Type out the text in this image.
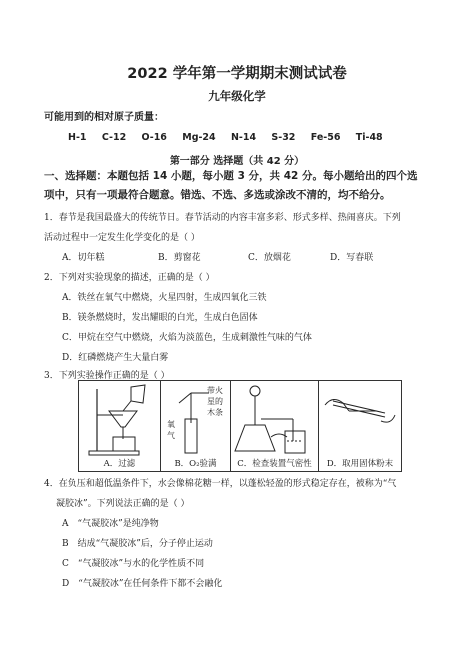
2022 学年第一学期期末测试试卷
九年级化学
可能用到的相对原子质量：
H-1 C-12 O-16 Mg-24 N-14 S-32 Fe-56 Ti-48
第一部分 选择题（共 42 分）
一、选择题：本题包括 14 小题，每小题 3 分，共 42 分。每小题给出的四个选
项中，只有一项最符合题意。错选、不选、多选或涂改不清的，均不给分。
1．春节是我国最盛大的传统节日。春节活动的内容丰富多彩、形式多样、热闹喜庆。下列
活动过程中一定发生化学变化的是（ ）
A．切年糕	B．剪窗花	C．放烟花	D．写春联
2．下列对实验现象的描述，正确的是（ ）
A．铁丝在氧气中燃烧，火星四射，生成四氧化三铁
B．镁条燃烧时，发出耀眼的白光，生成白色固体
C．甲烷在空气中燃烧，火焰为淡蓝色，生成刺激性气味的气体
D．红磷燃烧产生大量白雾
3．下列实验操作正确的是（ ）
A．过滤
氧气
带火星的木条
B．O₂验满	C．检查装置气密性	D．取用固体粉末
4．在负压和超低温条件下，水会像棉花糖一样，以蓬松轻盈的形式稳定存在，被称为“气
凝胶冰”。下列说法正确的是（ ）
A　“气凝胶冰”是纯净物
B　结成“气凝胶冰”后，分子停止运动
C　“气凝胶冰”与水的化学性质不同
D　“气凝胶冰”在任何条件下都不会融化
